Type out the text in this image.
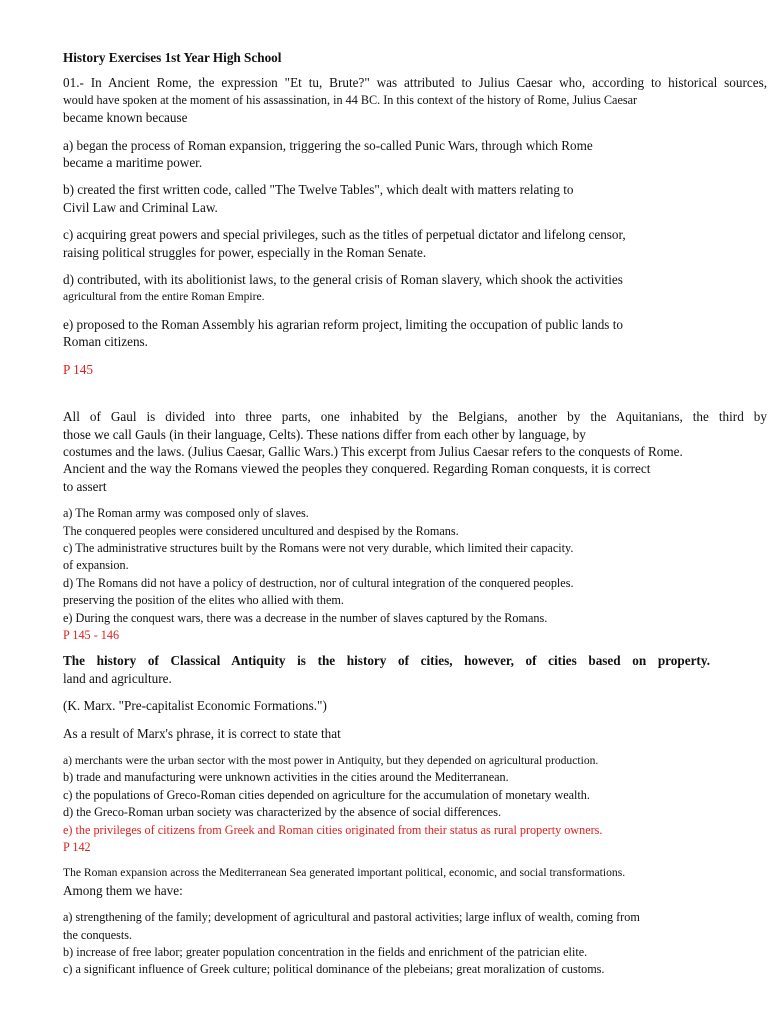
History Exercises 1st Year High School

01.- In Ancient Rome, the expression "Et tu, Brute?" was attributed to Julius Caesar who, according to historical sources,

would have spoken at the moment of his assassination, in 44 BC. In this context of the history of Rome, Julius Caesar

became known because

a) began the process of Roman expansion, triggering the so-called Punic Wars, through which Rome

became a maritime power.

b) created the first written code, called "The Twelve Tables", which dealt with matters relating to

Civil Law and Criminal Law.

c) acquiring great powers and special privileges, such as the titles of perpetual dictator and lifelong censor,

raising political struggles for power, especially in the Roman Senate.

d) contributed, with its abolitionist laws, to the general crisis of Roman slavery, which shook the activities

agricultural from the entire Roman Empire.

e) proposed to the Roman Assembly his agrarian reform project, limiting the occupation of public lands to

Roman citizens.

P 145

All of Gaul is divided into three parts, one inhabited by the Belgians, another by the Aquitanians, the third by

those we call Gauls (in their language, Celts). These nations differ from each other by language, by

costumes and the laws. (Julius Caesar, Gallic Wars.) This excerpt from Julius Caesar refers to the conquests of Rome.

Ancient and the way the Romans viewed the peoples they conquered. Regarding Roman conquests, it is correct

to assert

a) The Roman army was composed only of slaves.

The conquered peoples were considered uncultured and despised by the Romans.

c) The administrative structures built by the Romans were not very durable, which limited their capacity.

of expansion.

d) The Romans did not have a policy of destruction, nor of cultural integration of the conquered peoples.

preserving the position of the elites who allied with them.

e) During the conquest wars, there was a decrease in the number of slaves captured by the Romans.

P 145 - 146

The history of Classical Antiquity is the history of cities, however, of cities based on property.

land and agriculture.

(K. Marx. "Pre-capitalist Economic Formations.")

As a result of Marx's phrase, it is correct to state that

a) merchants were the urban sector with the most power in Antiquity, but they depended on agricultural production.

b) trade and manufacturing were unknown activities in the cities around the Mediterranean.

c) the populations of Greco-Roman cities depended on agriculture for the accumulation of monetary wealth.

d) the Greco-Roman urban society was characterized by the absence of social differences.

e) the privileges of citizens from Greek and Roman cities originated from their status as rural property owners.

P 142

The Roman expansion across the Mediterranean Sea generated important political, economic, and social transformations.

Among them we have:

a) strengthening of the family; development of agricultural and pastoral activities; large influx of wealth, coming from

the conquests.

b) increase of free labor; greater population concentration in the fields and enrichment of the patrician elite.

c) a significant influence of Greek culture; political dominance of the plebeians; great moralization of customs.
